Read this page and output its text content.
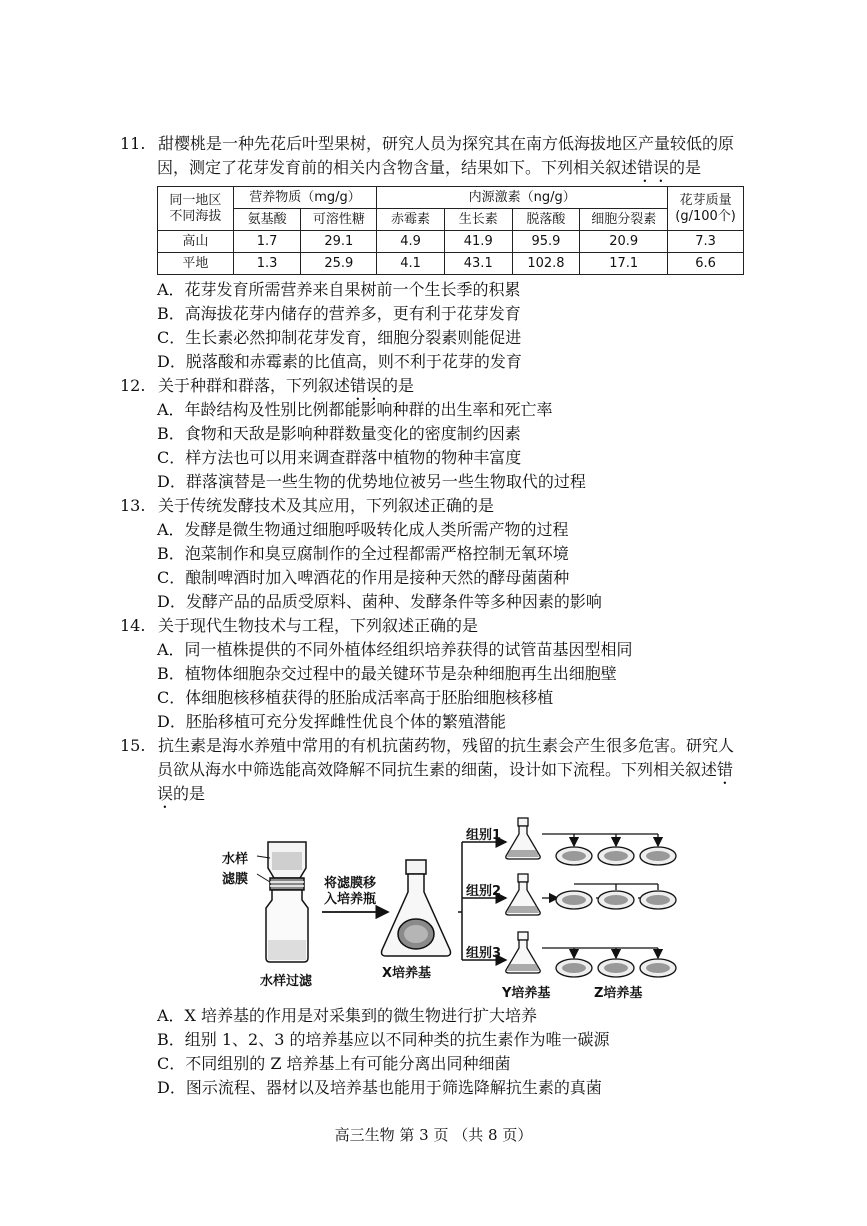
11. 甜樱桃是一种先花后叶型果树，研究人员为探究其在南方低海拔地区产量较低的原
因，测定了花芽发育前的相关内含物含量，结果如下。下列相关叙述错误的是
同一地区
不同海拔	营养物质（mg/g）		内源激素（ng/g）				花芽质量
(g/100个)
	氨基酸	可溶性糖	赤霉素	生长素	脱落酸	细胞分裂素	
高山	1.7	29.1	4.9	41.9	95.9	20.9	7.3
平地	1.3	25.9	4.1	43.1	102.8	17.1	6.6
A．花芽发育所需营养来自果树前一个生长季的积累
B．高海拔花芽内储存的营养多，更有利于花芽发育
C．生长素必然抑制花芽发育，细胞分裂素则能促进
D．脱落酸和赤霉素的比值高，则不利于花芽的发育
12. 关于种群和群落，下列叙述错误的是
A．年龄结构及性别比例都能影响种群的出生率和死亡率
B．食物和天敌是影响种群数量变化的密度制约因素
C．样方法也可以用来调查群落中植物的物种丰富度
D．群落演替是一些生物的优势地位被另一些生物取代的过程
13. 关于传统发酵技术及其应用，下列叙述正确的是
A．发酵是微生物通过细胞呼吸转化成人类所需产物的过程
B．泡菜制作和臭豆腐制作的全过程都需严格控制无氧环境
C．酿制啤酒时加入啤酒花的作用是接种天然的酵母菌菌种
D．发酵产品的品质受原料、菌种、发酵条件等多种因素的影响
14. 关于现代生物技术与工程，下列叙述正确的是
A．同一植株提供的不同外植体经组织培养获得的试管苗基因型相同
B．植物体细胞杂交过程中的最关键环节是杂种细胞再生出细胞壁
C．体细胞核移植获得的胚胎成活率高于胚胎细胞核移植
D．胚胎移植可充分发挥雌性优良个体的繁殖潜能
15. 抗生素是海水养殖中常用的有机抗菌药物，残留的抗生素会产生很多危害。研究人
员欲从海水中筛选能高效降解不同抗生素的细菌，设计如下流程。下列相关叙述错
误的是
水样
滤膜
水样过滤
将滤膜移
入培养瓶
X培养基
组别1
组别2
组别3
Y培养基	Z培养基
A．X 培养基的作用是对采集到的微生物进行扩大培养
B．组别 1、2、3 的培养基应以不同种类的抗生素作为唯一碳源
C．不同组别的 Z 培养基上有可能分离出同种细菌
D．图示流程、器材以及培养基也能用于筛选降解抗生素的真菌
高三生物 第 3 页 （共 8 页）
